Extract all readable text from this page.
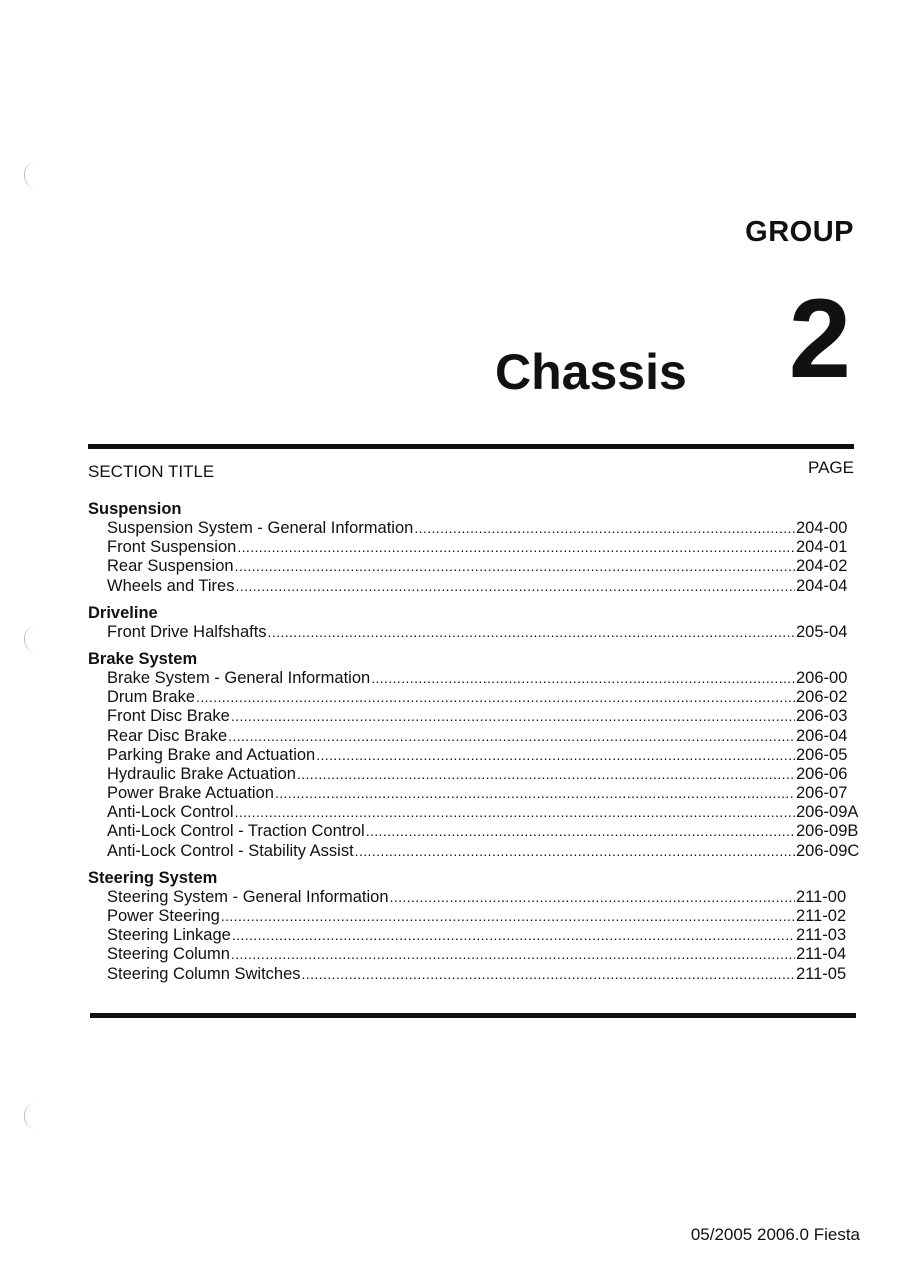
GROUP
2
Chassis
SECTION TITLE	PAGE
Suspension
Suspension System - General Information .....	204-00
Front Suspension .....	204-01
Rear Suspension .....	204-02
Wheels and Tires .....	204-04
Driveline
Front Drive Halfshafts .....	205-04
Brake System
Brake System - General Information .....	206-00
Drum Brake .....	206-02
Front Disc Brake .....	206-03
Rear Disc Brake .....	206-04
Parking Brake and Actuation .....	206-05
Hydraulic Brake Actuation .....	206-06
Power Brake Actuation .....	206-07
Anti-Lock Control .....	206-09A
Anti-Lock Control - Traction Control .....	206-09B
Anti-Lock Control - Stability Assist .....	206-09C
Steering System
Steering System - General Information .....	211-00
Power Steering .....	211-02
Steering Linkage .....	211-03
Steering Column .....	211-04
Steering Column Switches .....	211-05
05/2005 2006.0 Fiesta
